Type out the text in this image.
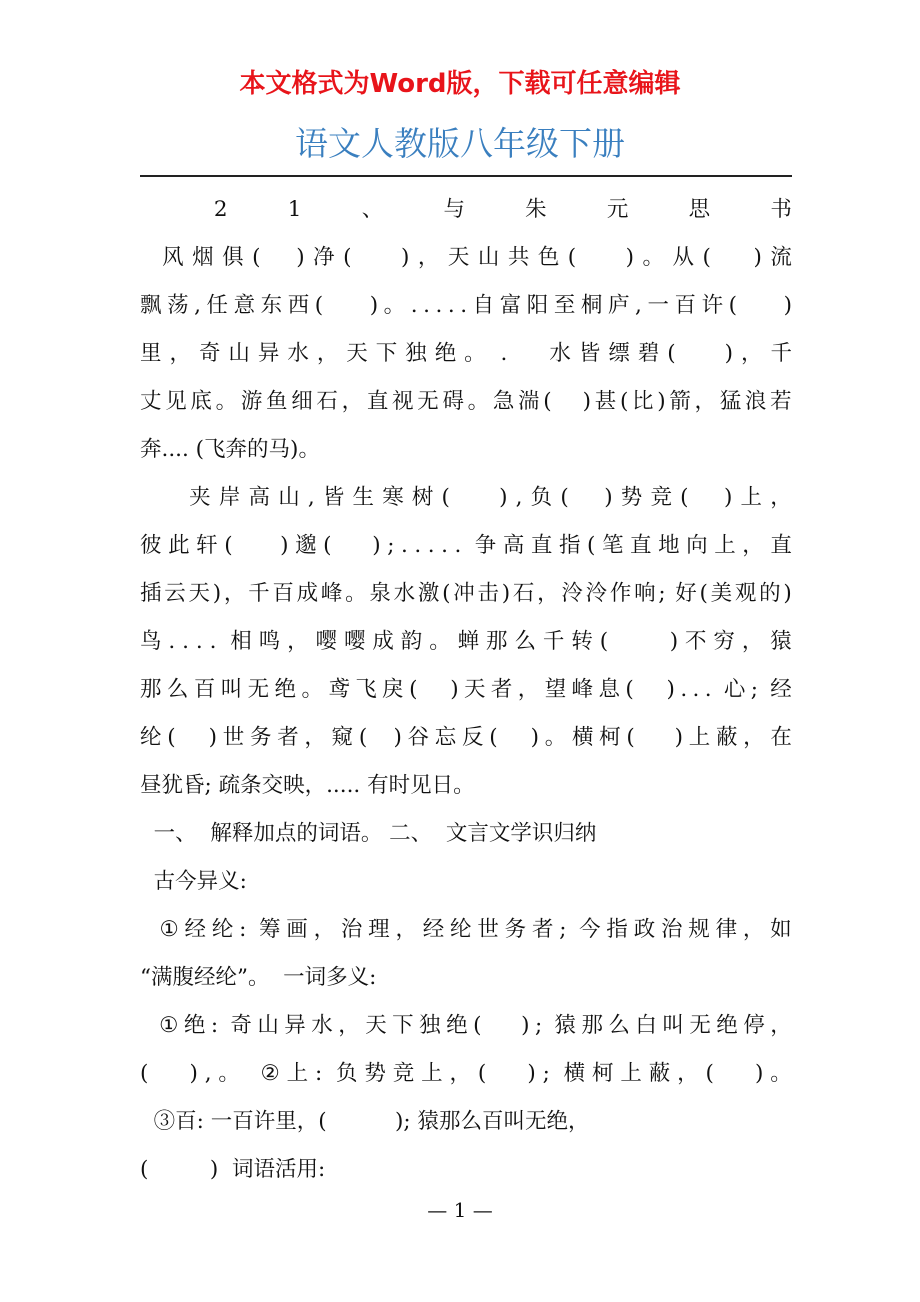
本文格式为Word版，下载可任意编辑
语文人教版八年级下册

2	1	、	与	朱	元	思	书

风 烟 俱 ( ) 净 ( ) ， 天 山 共 色 ( ) 。 从 ( ) 流
飘 荡 , 任 意 东 西 ( ) 。 . . . . . 自 富 阳 至 桐 庐 , 一 百 许 ( )
里 ， 奇 山 异 水 ， 天 下 独 绝 。 . 水 皆 缥 碧 ( ) ， 千
丈 见 底 。 游 鱼 细 石 ， 直 视 无 碍 。 急 湍 ( ) 甚 ( 比 ) 箭 ， 猛 浪 若
奔.... (飞奔的马)。

夹 岸 高 山 , 皆 生 寒 树 ( ) , 负 ( ) 势 竞 ( ) 上 ，
彼 此 轩 ( ) 邈 ( ) ; . . . . . 争 高 直 指 ( 笔 直 地 向 上 ， 直
插 云 天 ) ， 千 百 成 峰 。 泉 水 激 ( 冲 击 ) 石 ， 泠 泠 作 响 ; 好 ( 美 观 的 )
鸟 . . . . 相 鸣 ， 嘤 嘤 成 韵 。 蝉 那 么 千 转 ( ) 不 穷 ， 猿
那 么 百 叫 无 绝 。 鸢 飞 戾 ( ) 天 者 ， 望 峰 息 ( ) . . . 心 ; 经
纶 ( ) 世 务 者 ， 窥 ( ) 谷 忘 反 ( ) 。 横 柯 ( ) 上 蔽 ， 在
昼犹昏; 疏条交映，..... 有时见日。
一、  解释加点的词语。 二、  文言文学识归纳
古今异义:

① 经 纶 : 筹 画 ， 治 理 ， 经 纶 世 务 者 ; 今 指 政 治 规 律 ， 如
“满腹经纶”。  一词多义:

① 绝 : 奇 山 异 水 ， 天 下 独 绝 ( ) ; 猿 那 么 白 叫 无 绝 停 ，
( ) , 。 ② 上 : 负 势 竞 上 ， ( ) ; 横 柯 上 蔽 ， ( ) 。
③百: 一百许里，(          ); 猿那么百叫无绝，
(         )  词语活用:
— 1 —
